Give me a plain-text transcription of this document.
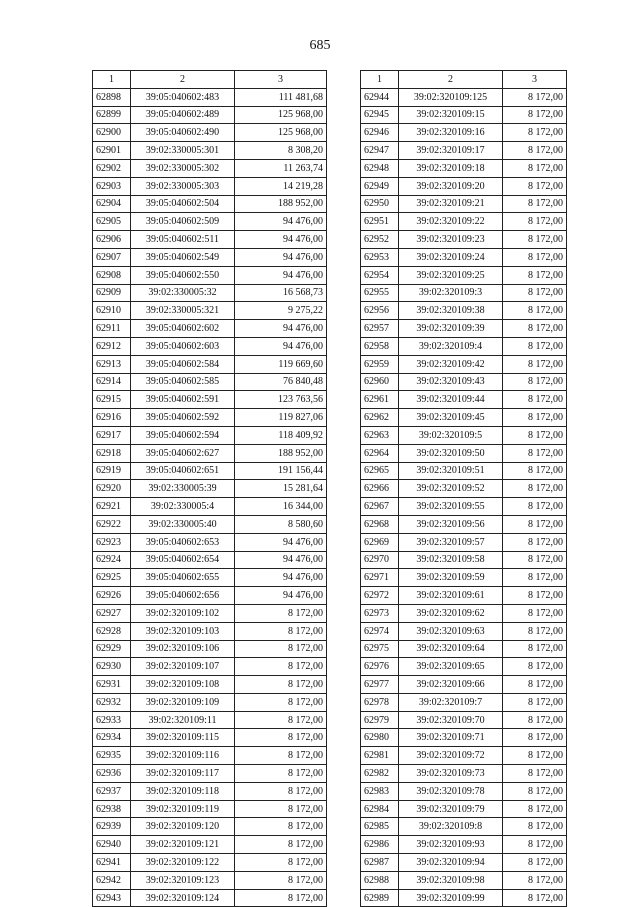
685
1	2	3
62898	39:05:040602:483	111 481,68
62899	39:05:040602:489	125 968,00
62900	39:05:040602:490	125 968,00
62901	39:02:330005:301	8 308,20
62902	39:02:330005:302	11 263,74
62903	39:02:330005:303	14 219,28
62904	39:05:040602:504	188 952,00
62905	39:05:040602:509	94 476,00
62906	39:05:040602:511	94 476,00
62907	39:05:040602:549	94 476,00
62908	39:05:040602:550	94 476,00
62909	39:02:330005:32	16 568,73
62910	39:02:330005:321	9 275,22
62911	39:05:040602:602	94 476,00
62912	39:05:040602:603	94 476,00
62913	39:05:040602:584	119 669,60
62914	39:05:040602:585	76 840,48
62915	39:05:040602:591	123 763,56
62916	39:05:040602:592	119 827,06
62917	39:05:040602:594	118 409,92
62918	39:05:040602:627	188 952,00
62919	39:05:040602:651	191 156,44
62920	39:02:330005:39	15 281,64
62921	39:02:330005:4	16 344,00
62922	39:02:330005:40	8 580,60
62923	39:05:040602:653	94 476,00
62924	39:05:040602:654	94 476,00
62925	39:05:040602:655	94 476,00
62926	39:05:040602:656	94 476,00
62927	39:02:320109:102	8 172,00
62928	39:02:320109:103	8 172,00
62929	39:02:320109:106	8 172,00
62930	39:02:320109:107	8 172,00
62931	39:02:320109:108	8 172,00
62932	39:02:320109:109	8 172,00
62933	39:02:320109:11	8 172,00
62934	39:02:320109:115	8 172,00
62935	39:02:320109:116	8 172,00
62936	39:02:320109:117	8 172,00
62937	39:02:320109:118	8 172,00
62938	39:02:320109:119	8 172,00
62939	39:02:320109:120	8 172,00
62940	39:02:320109:121	8 172,00
62941	39:02:320109:122	8 172,00
62942	39:02:320109:123	8 172,00
62943	39:02:320109:124	8 172,00
1	2	3
62944	39:02:320109:125	8 172,00
62945	39:02:320109:15	8 172,00
62946	39:02:320109:16	8 172,00
62947	39:02:320109:17	8 172,00
62948	39:02:320109:18	8 172,00
62949	39:02:320109:20	8 172,00
62950	39:02:320109:21	8 172,00
62951	39:02:320109:22	8 172,00
62952	39:02:320109:23	8 172,00
62953	39:02:320109:24	8 172,00
62954	39:02:320109:25	8 172,00
62955	39:02:320109:3	8 172,00
62956	39:02:320109:38	8 172,00
62957	39:02:320109:39	8 172,00
62958	39:02:320109:4	8 172,00
62959	39:02:320109:42	8 172,00
62960	39:02:320109:43	8 172,00
62961	39:02:320109:44	8 172,00
62962	39:02:320109:45	8 172,00
62963	39:02:320109:5	8 172,00
62964	39:02:320109:50	8 172,00
62965	39:02:320109:51	8 172,00
62966	39:02:320109:52	8 172,00
62967	39:02:320109:55	8 172,00
62968	39:02:320109:56	8 172,00
62969	39:02:320109:57	8 172,00
62970	39:02:320109:58	8 172,00
62971	39:02:320109:59	8 172,00
62972	39:02:320109:61	8 172,00
62973	39:02:320109:62	8 172,00
62974	39:02:320109:63	8 172,00
62975	39:02:320109:64	8 172,00
62976	39:02:320109:65	8 172,00
62977	39:02:320109:66	8 172,00
62978	39:02:320109:7	8 172,00
62979	39:02:320109:70	8 172,00
62980	39:02:320109:71	8 172,00
62981	39:02:320109:72	8 172,00
62982	39:02:320109:73	8 172,00
62983	39:02:320109:78	8 172,00
62984	39:02:320109:79	8 172,00
62985	39:02:320109:8	8 172,00
62986	39:02:320109:93	8 172,00
62987	39:02:320109:94	8 172,00
62988	39:02:320109:98	8 172,00
62989	39:02:320109:99	8 172,00
